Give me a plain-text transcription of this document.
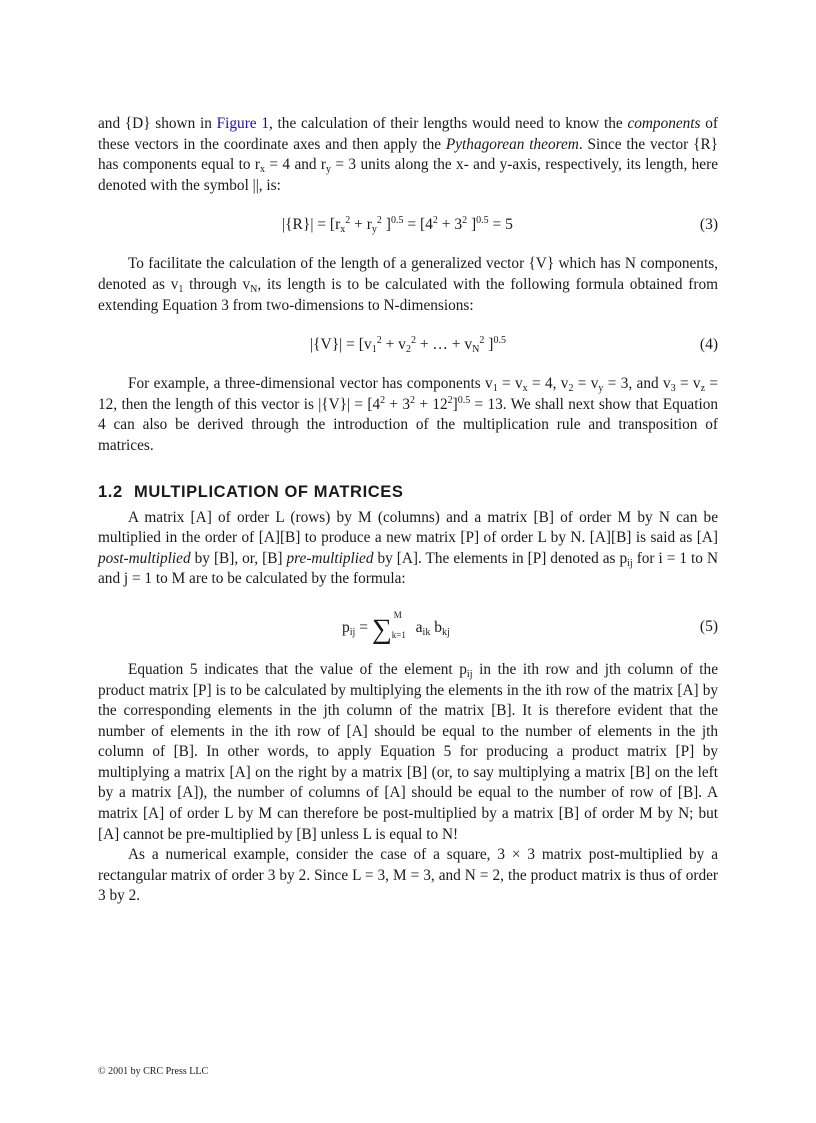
and {D} shown in Figure 1, the calculation of their lengths would need to know the components of these vectors in the coordinate axes and then apply the Pythagorean theorem. Since the vector {R} has components equal to $r_x = 4$ and $r_y = 3$ units along the x- and y-axis, respectively, its length, here denoted with the symbol ||, is:

$|\{R\}| = [r_x^2 + r_y^2$ ]$^{0.5} = [4^2 + 3^2$ ]$^{0.5}$ = 5	(3)

To facilitate the calculation of the length of a generalized vector {V} which has N components, denoted as $v_1$ through $v_N$, its length is to be calculated with the following formula obtained from extending Equation 3 from two-dimensions to N-dimensions:

$|\{V\}| = [v_1^2 + v_2^2$ + … + $v_N^2$ ]$^{0.5}$	(4)

For example, a three-dimensional vector has components $v_1 = v_x = 4$, $v_2 = v_y = 3$, and $v_3 = v_z = 12$, then the length of this vector is $|\{V\}| = [4^2 + 3^2 + 12^2]^{0.5} = 13$. We shall next show that Equation 4 can also be derived through the introduction of the multiplication rule and transposition of matrices.

1.2 MULTIPLICATION OF MATRICES

A matrix [A] of order L (rows) by M (columns) and a matrix [B] of order M by N can be multiplied in the order of [A][B] to produce a new matrix [P] of order L by N. [A][B] is said as [A] post-multiplied by [B], or, [B] pre-multiplied by [A]. The elements in [P] denoted as $p_{ij}$ for i = 1 to N and j = 1 to M are to be calculated by the formula:

$p_{ij}$ = ∑ M
k=1 $a_{ik}$ $b_{kj}$	(5)

Equation 5 indicates that the value of the element $p_{ij}$ in the ith row and jth column of the product matrix [P] is to be calculated by multiplying the elements in the ith row of the matrix [A] by the corresponding elements in the jth column of the matrix [B]. It is therefore evident that the number of elements in the ith row of [A] should be equal to the number of elements in the jth column of [B]. In other words, to apply Equation 5 for producing a product matrix [P] by multiplying a matrix [A] on the right by a matrix [B] (or, to say multiplying a matrix [B] on the left by a matrix [A]), the number of columns of [A] should be equal to the number of row of [B]. A matrix [A] of order L by M can therefore be post-multiplied by a matrix [B] of order M by N; but [A] cannot be pre-multiplied by [B] unless L is equal to N!

As a numerical example, consider the case of a square, 3 × 3 matrix post-multiplied by a rectangular matrix of order 3 by 2. Since L = 3, M = 3, and N = 2, the product matrix is thus of order 3 by 2.

© 2001 by CRC Press LLC
